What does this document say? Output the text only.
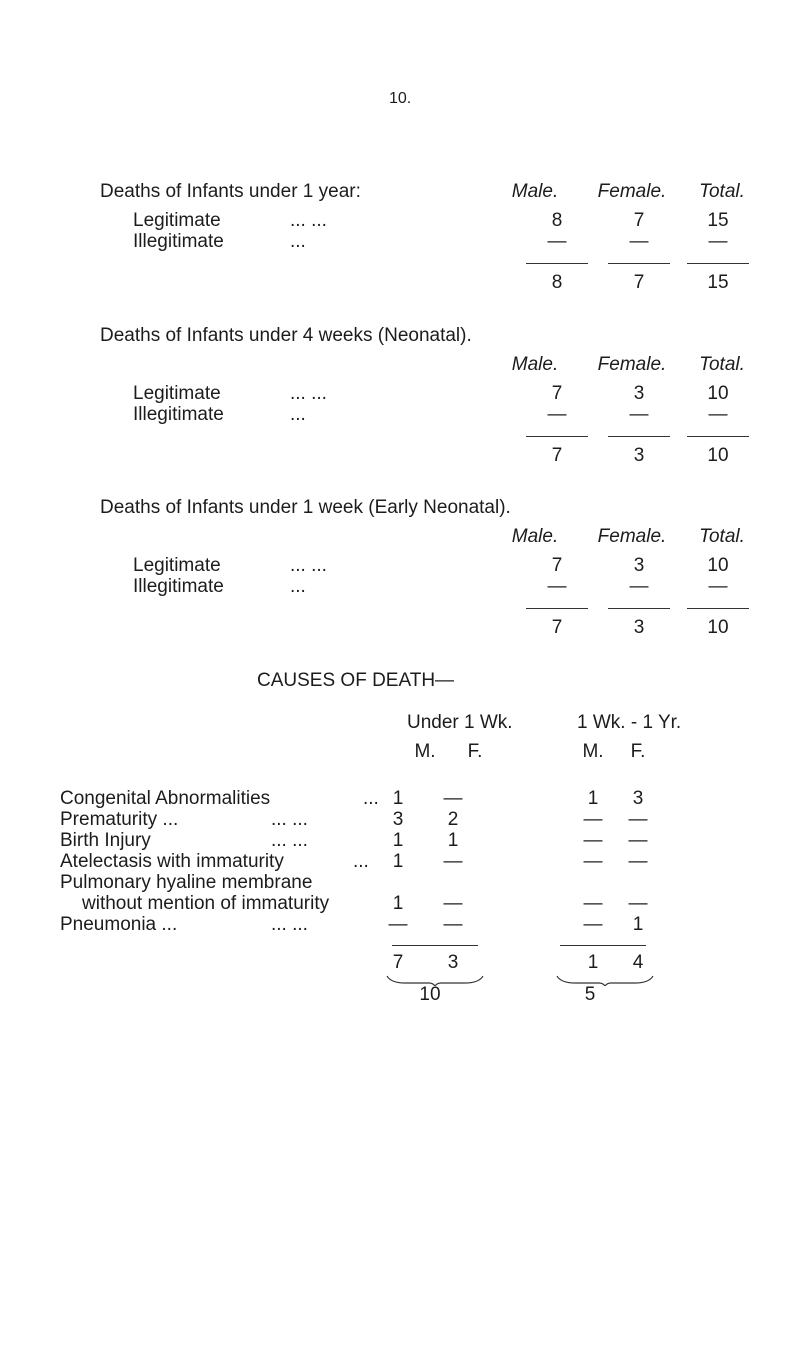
10.
Deaths of Infants under 1 year:	Male.	Female.	Total.
Legitimate	... ...	8	7	15
Illegitimate	...	—	—	—
8	7	15
Deaths of Infants under 4 weeks (Neonatal).
Male.	Female.	Total.
Legitimate	... ...	7	3	10
Illegitimate	...	—	—	—
7	3	10
Deaths of Infants under 1 week (Early Neonatal).
Male.	Female.	Total.
Legitimate	... ...	7	3	10
Illegitimate	...	—	—	—
7	3	10
CAUSES OF DEATH—
Under 1 Wk.	1 Wk. - 1 Yr.
M.	F.	M.	F.
Congenital Abnormalities	... 1	—	1	3
Prematurity ...	... ...	3	2	—	—
Birth Injury	... ...	1	1	—	—
Atelectasis with immaturity	...	1	—	—	—
Pulmonary hyaline membrane
without mention of immaturity	1	—	—	—
Pneumonia ...	... ...	—	—	—	1
7	3	1	4
10	5
